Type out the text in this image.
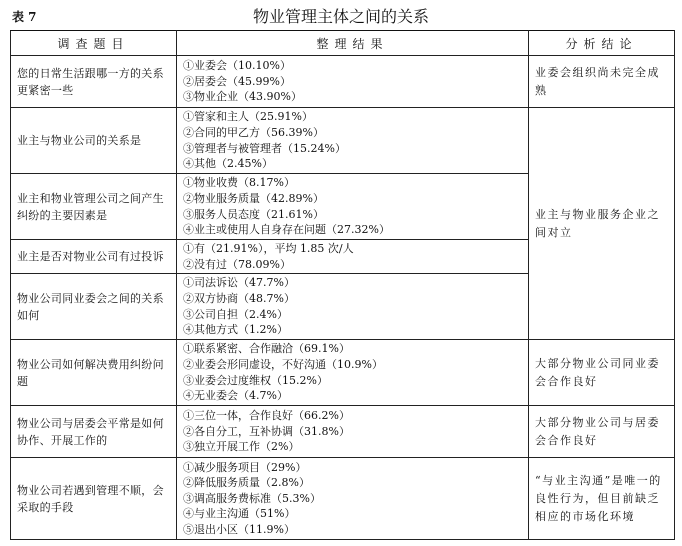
表 7	物业管理主体之间的关系
调查题目	整理结果	分析结论
您的日常生活跟哪一方的关系更紧密一些	①业委会（10.10%）
②居委会（45.99%）
③物业企业（43.90%）	业委会组织尚未完全成熟
业主与物业公司的关系是	①管家和主人（25.91%）
②合同的甲乙方（56.39%）
③管理者与被管理者（15.24%）
④其他（2.45%）	业主与物业服务企业之间对立
业主和物业管理公司之间产生纠纷的主要因素是	①物业收费（8.17%）
②物业服务质量（42.89%）
③服务人员态度（21.61%）
④业主或使用人自身存在问题（27.32%）	

业主是否对物业公司有过投诉	①有（21.91%），平均 1.85 次/人
②没有过（78.09%）	

物业公司同业委会之间的关系如何	①司法诉讼（47.7%）
②双方协商（48.7%）
③公司自担（2.4%）
④其他方式（1.2%）	

物业公司如何解决费用纠纷问题	①联系紧密、合作融洽（69.1%）
②业委会形同虚设，不好沟通（10.9%）
③业委会过度维权（15.2%）
④无业委会（4.7%）	大部分物业公司同业委会合作良好
物业公司与居委会平常是如何协作、开展工作的	①三位一体，合作良好（66.2%）
②各自分工，互补协调（31.8%）
③独立开展工作（2%）	大部分物业公司与居委会合作良好
物业公司若遇到管理不顺，会采取的手段	①减少服务项目（29%）
②降低服务质量（2.8%）
③调高服务费标准（5.3%）
④与业主沟通（51%）
⑤退出小区（11.9%）	“与业主沟通”是唯一的良性行为，但目前缺乏相应的市场化环境
